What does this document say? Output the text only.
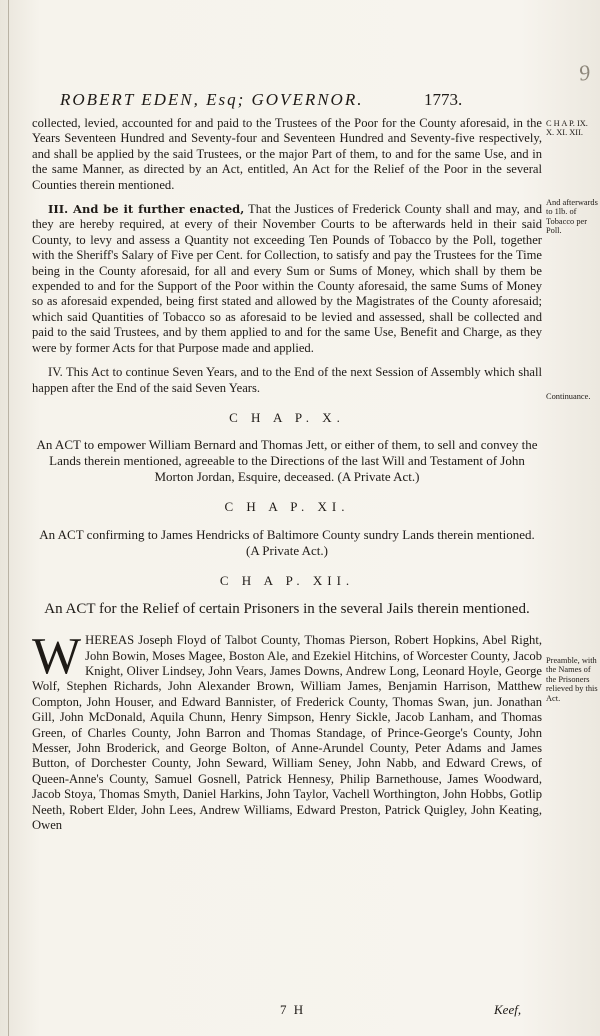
9
ROBERT EDEN, Esq; GOVERNOR.	1773.
C H A P. IX. X. XI. XII.
And afterwards to 1lb. of Tobacco per Poll.
Continuance.
Preamble, with the Names of the Prisoners relieved by this Act.

collected, levied, accounted for and paid to the Trustees of the Poor for the County aforesaid, in the Years Seventeen Hundred and Seventy-four and Seventeen Hundred and Seventy-five respectively, and shall be applied by the said Trustees, or the major Part of them, to and for the same Use, and in the same Manner, as directed by an Act, entitled, An Act for the Relief of the Poor in the several Counties therein mentioned.

III. And be it further enacted, That the Justices of Frederick County shall and may, and they are hereby required, at every of their November Courts to be afterwards held in their said County, to levy and assess a Quantity not exceeding Ten Pounds of Tobacco by the Poll, together with the Sheriff's Salary of Five per Cent. for Collection, to satisfy and pay the Trustees for the Time being in the County aforesaid, for all and every Sum or Sums of Money, which shall by them be expended to and for the Support of the Poor within the County aforesaid, the same Sums of Money so as aforesaid expended, being first stated and allowed by the Magistrates of the County aforesaid; which said Quantities of Tobacco so as aforesaid to be levied and assessed, shall be collected and paid to the said Trustees, and by them applied to and for the same Use, Benefit and Charge, as they were by former Acts for that Purpose made and applied.

IV. This Act to continue Seven Years, and to the End of the next Session of Assembly which shall happen after the End of the said Seven Years.

C H A P. X.

An ACT to empower William Bernard and Thomas Jett, or either of them, to sell and convey the Lands therein mentioned, agreeable to the Directions of the last Will and Testament of John Morton Jordan, Esquire, deceased. (A Private Act.)

C H A P. XI.

An ACT confirming to James Hendricks of Baltimore County sundry Lands therein mentioned. (A Private Act.)

C H A P. XII.

An ACT for the Relief of certain Prisoners in the several Jails therein mentioned.

WHEREAS Joseph Floyd of Talbot County, Thomas Pierson, Robert Hopkins, Abel Right, John Bowin, Moses Magee, Boston Ale, and Ezekiel Hitchins, of Worcester County, Jacob Knight, Oliver Lindsey, John Vears, James Downs, Andrew Long, Leonard Hoyle, George Wolf, Stephen Richards, John Alexander Brown, William James, Benjamin Harrison, Matthew Compton, John Houser, and Edward Bannister, of Frederick County, Thomas Swan, jun. Jonathan Gill, John McDonald, Aquila Chunn, Henry Simpson, Henry Sickle, Jacob Lanham, and Thomas Green, of Charles County, John Barron and Thomas Standage, of Prince-George's County, John Messer, John Broderick, and George Bolton, of Anne-Arundel County, Peter Adams and James Button, of Dorchester County, John Seward, William Seney, John Nabb, and Edward Crews, of Queen-Anne's County, Samuel Gosnell, Patrick Hennesy, Philip Barnethouse, James Woodward, Jacob Stoya, Thomas Smyth, Daniel Harkins, John Taylor, Vachell Worthington, John Hobbs, Gotlip Neeth, Robert Elder, John Lees, Andrew Williams, Edward Preston, Patrick Quigley, John Keating, Owen

7 H	Keef,
